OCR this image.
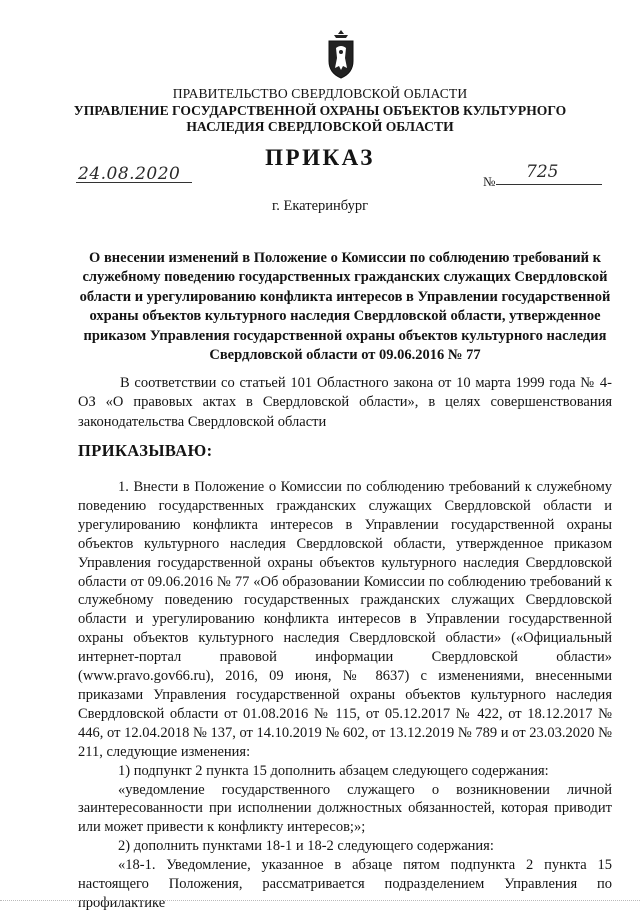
ПРАВИТЕЛЬСТВО СВЕРДЛОВСКОЙ ОБЛАСТИ
УПРАВЛЕНИЕ ГОСУДАРСТВЕННОЙ ОХРАНЫ ОБЪЕКТОВ КУЛЬТУРНОГО НАСЛЕДИЯ СВЕРДЛОВСКОЙ ОБЛАСТИ
ПРИКАЗ
24.08.2020	№ 725
г. Екатеринбург
О внесении изменений в Положение о Комиссии по соблюдению требований к служебному поведению государственных гражданских служащих Свердловской области и урегулированию конфликта интересов в Управлении государственной охраны объектов культурного наследия Свердловской области, утвержденное приказом Управления государственной охраны объектов культурного наследия Свердловской области от 09.06.2016 № 77
В соответствии со статьей 101 Областного закона от 10 марта 1999 года № 4-ОЗ «О правовых актах в Свердловской области», в целях совершенствования законодательства Свердловской области
ПРИКАЗЫВАЮ:

1. Внести в Положение о Комиссии по соблюдению требований к служебному поведению государственных гражданских служащих Свердловской области и урегулированию конфликта интересов в Управлении государственной охраны объектов культурного наследия Свердловской области, утвержденное приказом Управления государственной охраны объектов культурного наследия Свердловской области от 09.06.2016 № 77 «Об образовании Комиссии по соблюдению требований к служебному поведению государственных гражданских служащих Свердловской области и урегулированию конфликта интересов в Управлении государственной охраны объектов культурного наследия Свердловской области» («Официальный интернет-портал правовой информации Свердловской области» (www.pravo.gov66.ru), 2016, 09 июня, № 8637) с изменениями, внесенными приказами Управления государственной охраны объектов культурного наследия Свердловской области от 01.08.2016 № 115, от 05.12.2017 № 422, от 18.12.2017 № 446, от 12.04.2018 № 137, от 14.10.2019 № 602, от 13.12.2019 № 789 и от 23.03.2020 № 211, следующие изменения:

1) подпункт 2 пункта 15 дополнить абзацем следующего содержания:

«уведомление государственного служащего о возникновении личной заинтересованности при исполнении должностных обязанностей, которая приводит или может привести к конфликту интересов;»;

2) дополнить пунктами 18-1 и 18-2 следующего содержания:

«18-1. Уведомление, указанное в абзаце пятом подпункта 2 пункта 15 настоящего Положения, рассматривается подразделением Управления по профилактике
